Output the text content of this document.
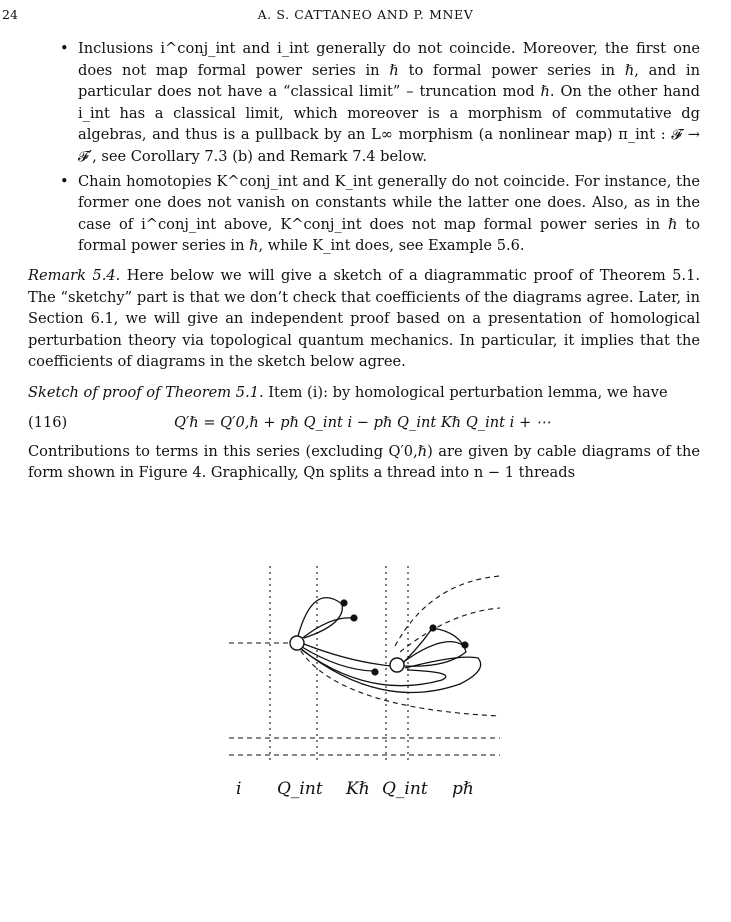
24	A. S. CATTANEO AND P. MNEV
• Inclusions i^conj_int and i_int generally do not coincide. Moreover, the first one does not map formal power series in ℏ to formal power series in ℏ, and in particular does not have a “classical limit” – truncation mod ℏ. On the other hand i_int has a classical limit, which moreover is a morphism of commutative dg algebras, and thus is a pullback by an L∞ morphism (a nonlinear map) π_int : 𝓕 → 𝓕′, see Corollary 7.3 (b) and Remark 7.4 below.
• Chain homotopies K^conj_int and K_int generally do not coincide. For instance, the former one does not vanish on constants while the latter one does. Also, as in the case of i^conj_int above, K^conj_int does not map formal power series in ℏ to formal power series in ℏ, while K_int does, see Example 5.6.

Remark 5.4. Here below we will give a sketch of a diagrammatic proof of Theorem 5.1. The “sketchy” part is that we don’t check that coefficients of the diagrams agree. Later, in Section 6.1, we will give an independent proof based on a presentation of homological perturbation theory via topological quantum mechanics. In particular, it implies that the coefficients of diagrams in the sketch below agree.

Sketch of proof of Theorem 5.1. Item (i): by homological perturbation lemma, we have

(116)	Q′ℏ = Q′0,ℏ + pℏ Q_int i − pℏ Q_int Kℏ Q_int i + ⋯

Contributions to terms in this series (excluding Q′0,ℏ) are given by cable diagrams of the form shown in Figure 4. Graphically, Qn splits a thread into n − 1 threads

i Q_int Kℏ Q_int pℏ
